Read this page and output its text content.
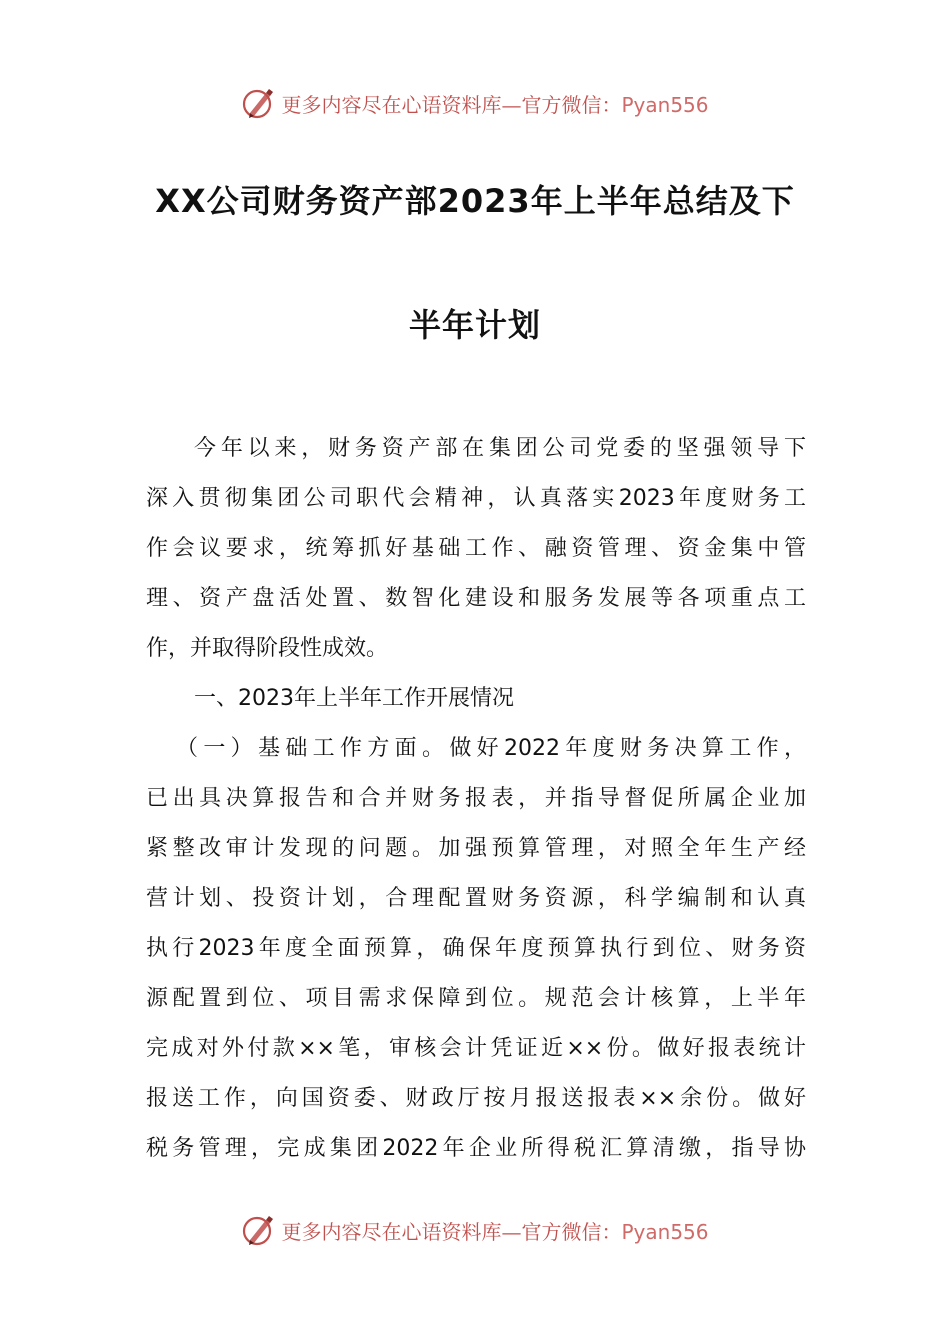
更多内容尽在心语资料库—官方微信：Pyan556
XX公司财务资产部2023年上半年总结及下
半年计划
今年以来，财务资产部在集团公司党委的坚强领导下
深入贯彻集团公司职代会精神，认真落实2023年度财务工
作会议要求，统筹抓好基础工作、融资管理、资金集中管
理、资产盘活处置、数智化建设和服务发展等各项重点工
作，并取得阶段性成效。
一、2023年上半年工作开展情况
（一）基础工作方面。做好2022年度财务决算工作，
已出具决算报告和合并财务报表，并指导督促所属企业加
紧整改审计发现的问题。加强预算管理，对照全年生产经
营计划、投资计划，合理配置财务资源，科学编制和认真
执行2023年度全面预算，确保年度预算执行到位、财务资
源配置到位、项目需求保障到位。规范会计核算，上半年
完成对外付款××笔，审核会计凭证近××份。做好报表统计
报送工作，向国资委、财政厅按月报送报表××余份。做好
税务管理，完成集团2022年企业所得税汇算清缴，指导协
更多内容尽在心语资料库—官方微信：Pyan556
